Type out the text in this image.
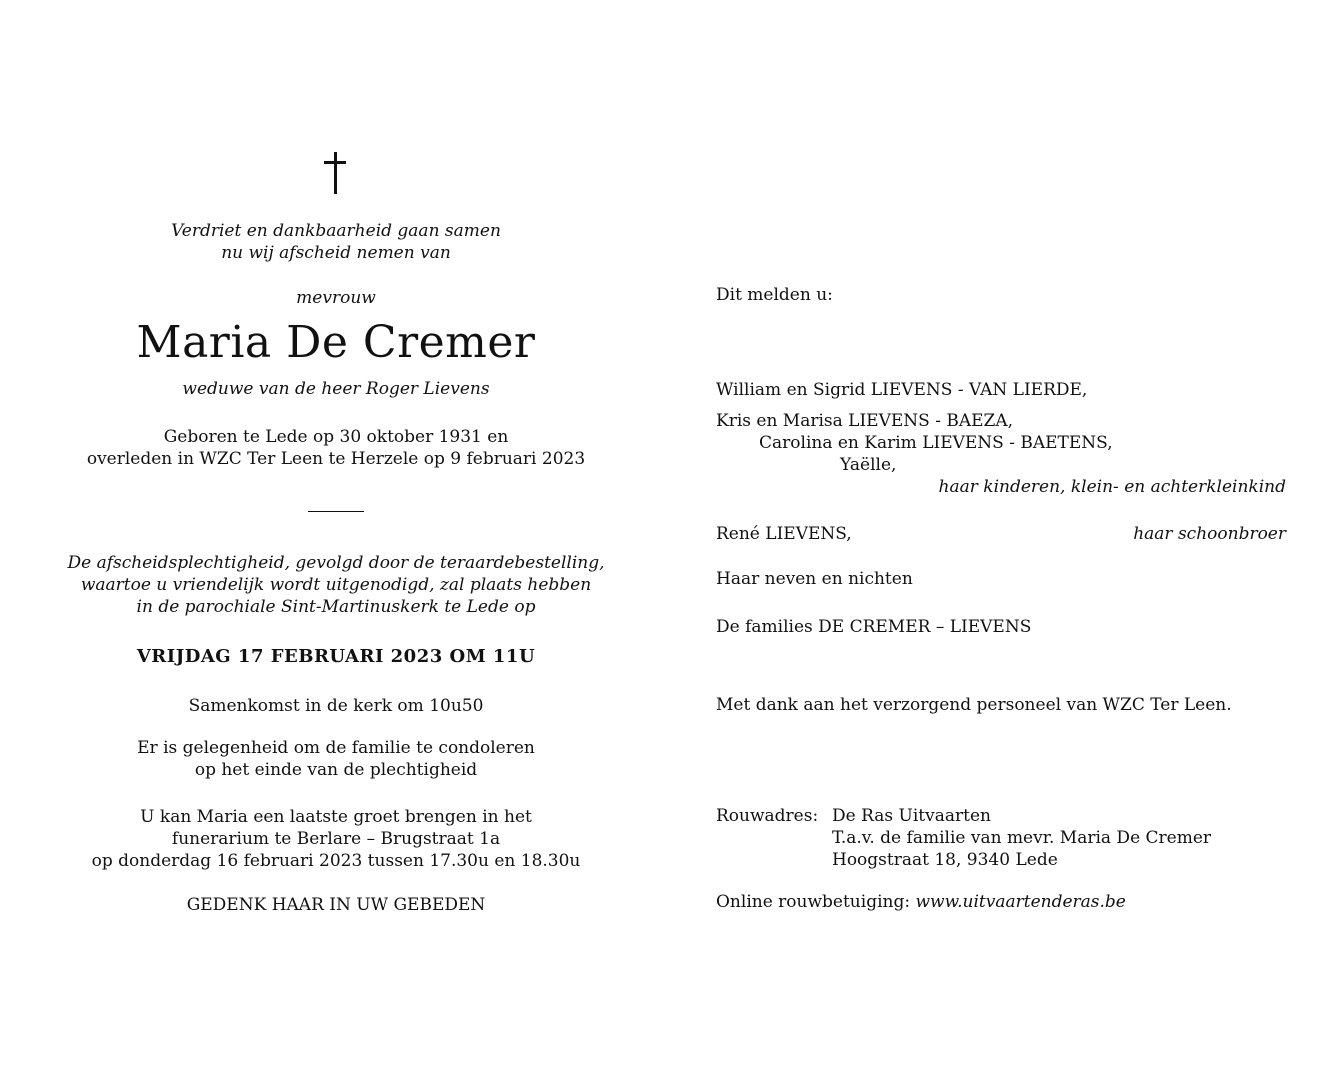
Verdriet en dankbaarheid gaan samen
nu wij afscheid nemen van
mevrouw
Maria De Cremer
weduwe van de heer Roger Lievens
Geboren te Lede op 30 oktober 1931 en
overleden in WZC Ter Leen te Herzele op 9 februari 2023
De afscheidsplechtigheid, gevolgd door de teraardebestelling,
waartoe u vriendelijk wordt uitgenodigd, zal plaats hebben
in de parochiale Sint-Martinuskerk te Lede op
VRIJDAG 17 FEBRUARI 2023 OM 11U
Samenkomst in de kerk om 10u50
Er is gelegenheid om de familie te condoleren
op het einde van de plechtigheid
U kan Maria een laatste groet brengen in het
funerarium te Berlare – Brugstraat 1a
op donderdag 16 februari 2023 tussen 17.30u en 18.30u
GEDENK HAAR IN UW GEBEDEN
Dit melden u:
William en Sigrid LIEVENS - VAN LIERDE,
Kris en Marisa LIEVENS - BAEZA,
Carolina en Karim LIEVENS - BAETENS,
Yaëlle,
haar kinderen, klein- en achterkleinkind
René LIEVENS,	haar schoonbroer
Haar neven en nichten
De families DE CREMER – LIEVENS
Met dank aan het verzorgend personeel van WZC Ter Leen.
Rouwadres: De Ras Uitvaarten
T.a.v. de familie van mevr. Maria De Cremer
Hoogstraat 18, 9340 Lede
Online rouwbetuiging: www.uitvaartenderas.be
